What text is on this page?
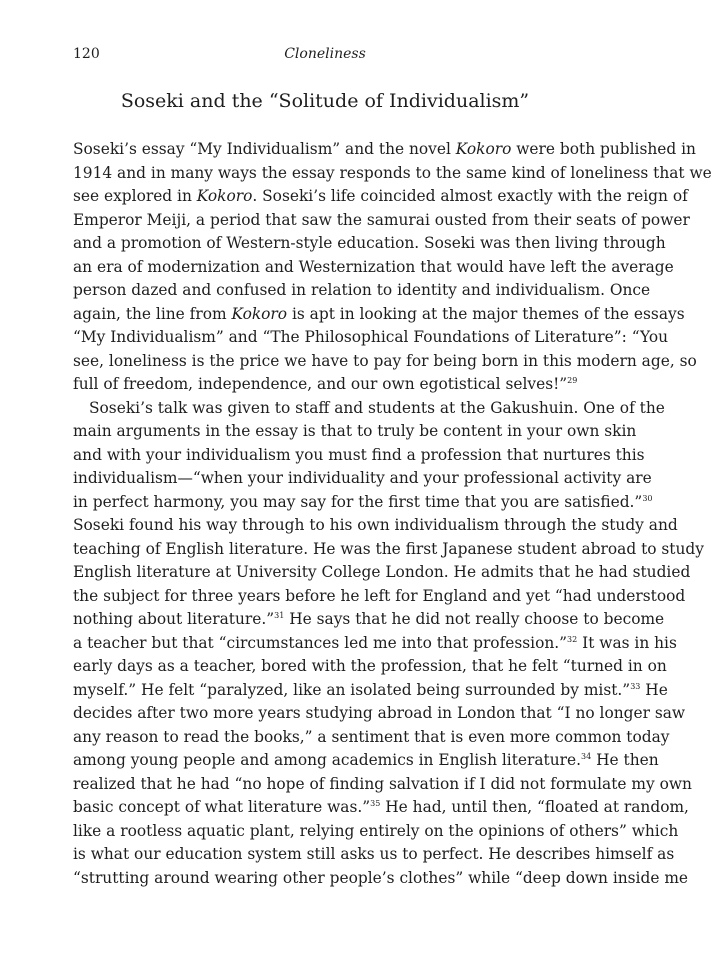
120	Cloneliness
Soseki and the “Solitude of Individualism”
Soseki’s essay “My Individualism” and the novel Kokoro were both published in
1914 and in many ways the essay responds to the same kind of loneliness that we
see explored in Kokoro. Soseki’s life coincided almost exactly with the reign of
Emperor Meiji, a period that saw the samurai ousted from their seats of power
and a promotion of Western-style education. Soseki was then living through
an era of modernization and Westernization that would have left the average
person dazed and confused in relation to identity and individualism. Once
again, the line from Kokoro is apt in looking at the major themes of the essays
“My Individualism” and “The Philosophical Foundations of Literature”: “You
see, loneliness is the price we have to pay for being born in this modern age, so
full of freedom, independence, and our own egotistical selves!”$^{29}$
Soseki’s talk was given to staff and students at the Gakushuin. One of the
main arguments in the essay is that to truly be content in your own skin
and with your individualism you must find a profession that nurtures this
individualism—“when your individuality and your professional activity are
in perfect harmony, you may say for the first time that you are satisfied.”$^{30}$
Soseki found his way through to his own individualism through the study and
teaching of English literature. He was the first Japanese student abroad to study
English literature at University College London. He admits that he had studied
the subject for three years before he left for England and yet “had understood
nothing about literature.”$^{31}$ He says that he did not really choose to become
a teacher but that “circumstances led me into that profession.”$^{32}$ It was in his
early days as a teacher, bored with the profession, that he felt “turned in on
myself.” He felt “paralyzed, like an isolated being surrounded by mist.”$^{33}$ He
decides after two more years studying abroad in London that “I no longer saw
any reason to read the books,” a sentiment that is even more common today
among young people and among academics in English literature.$^{34}$ He then
realized that he had “no hope of finding salvation if I did not formulate my own
basic concept of what literature was.”$^{35}$ He had, until then, “floated at random,
like a rootless aquatic plant, relying entirely on the opinions of others” which
is what our education system still asks us to perfect. He describes himself as
“strutting around wearing other people’s clothes” while “deep down inside me
